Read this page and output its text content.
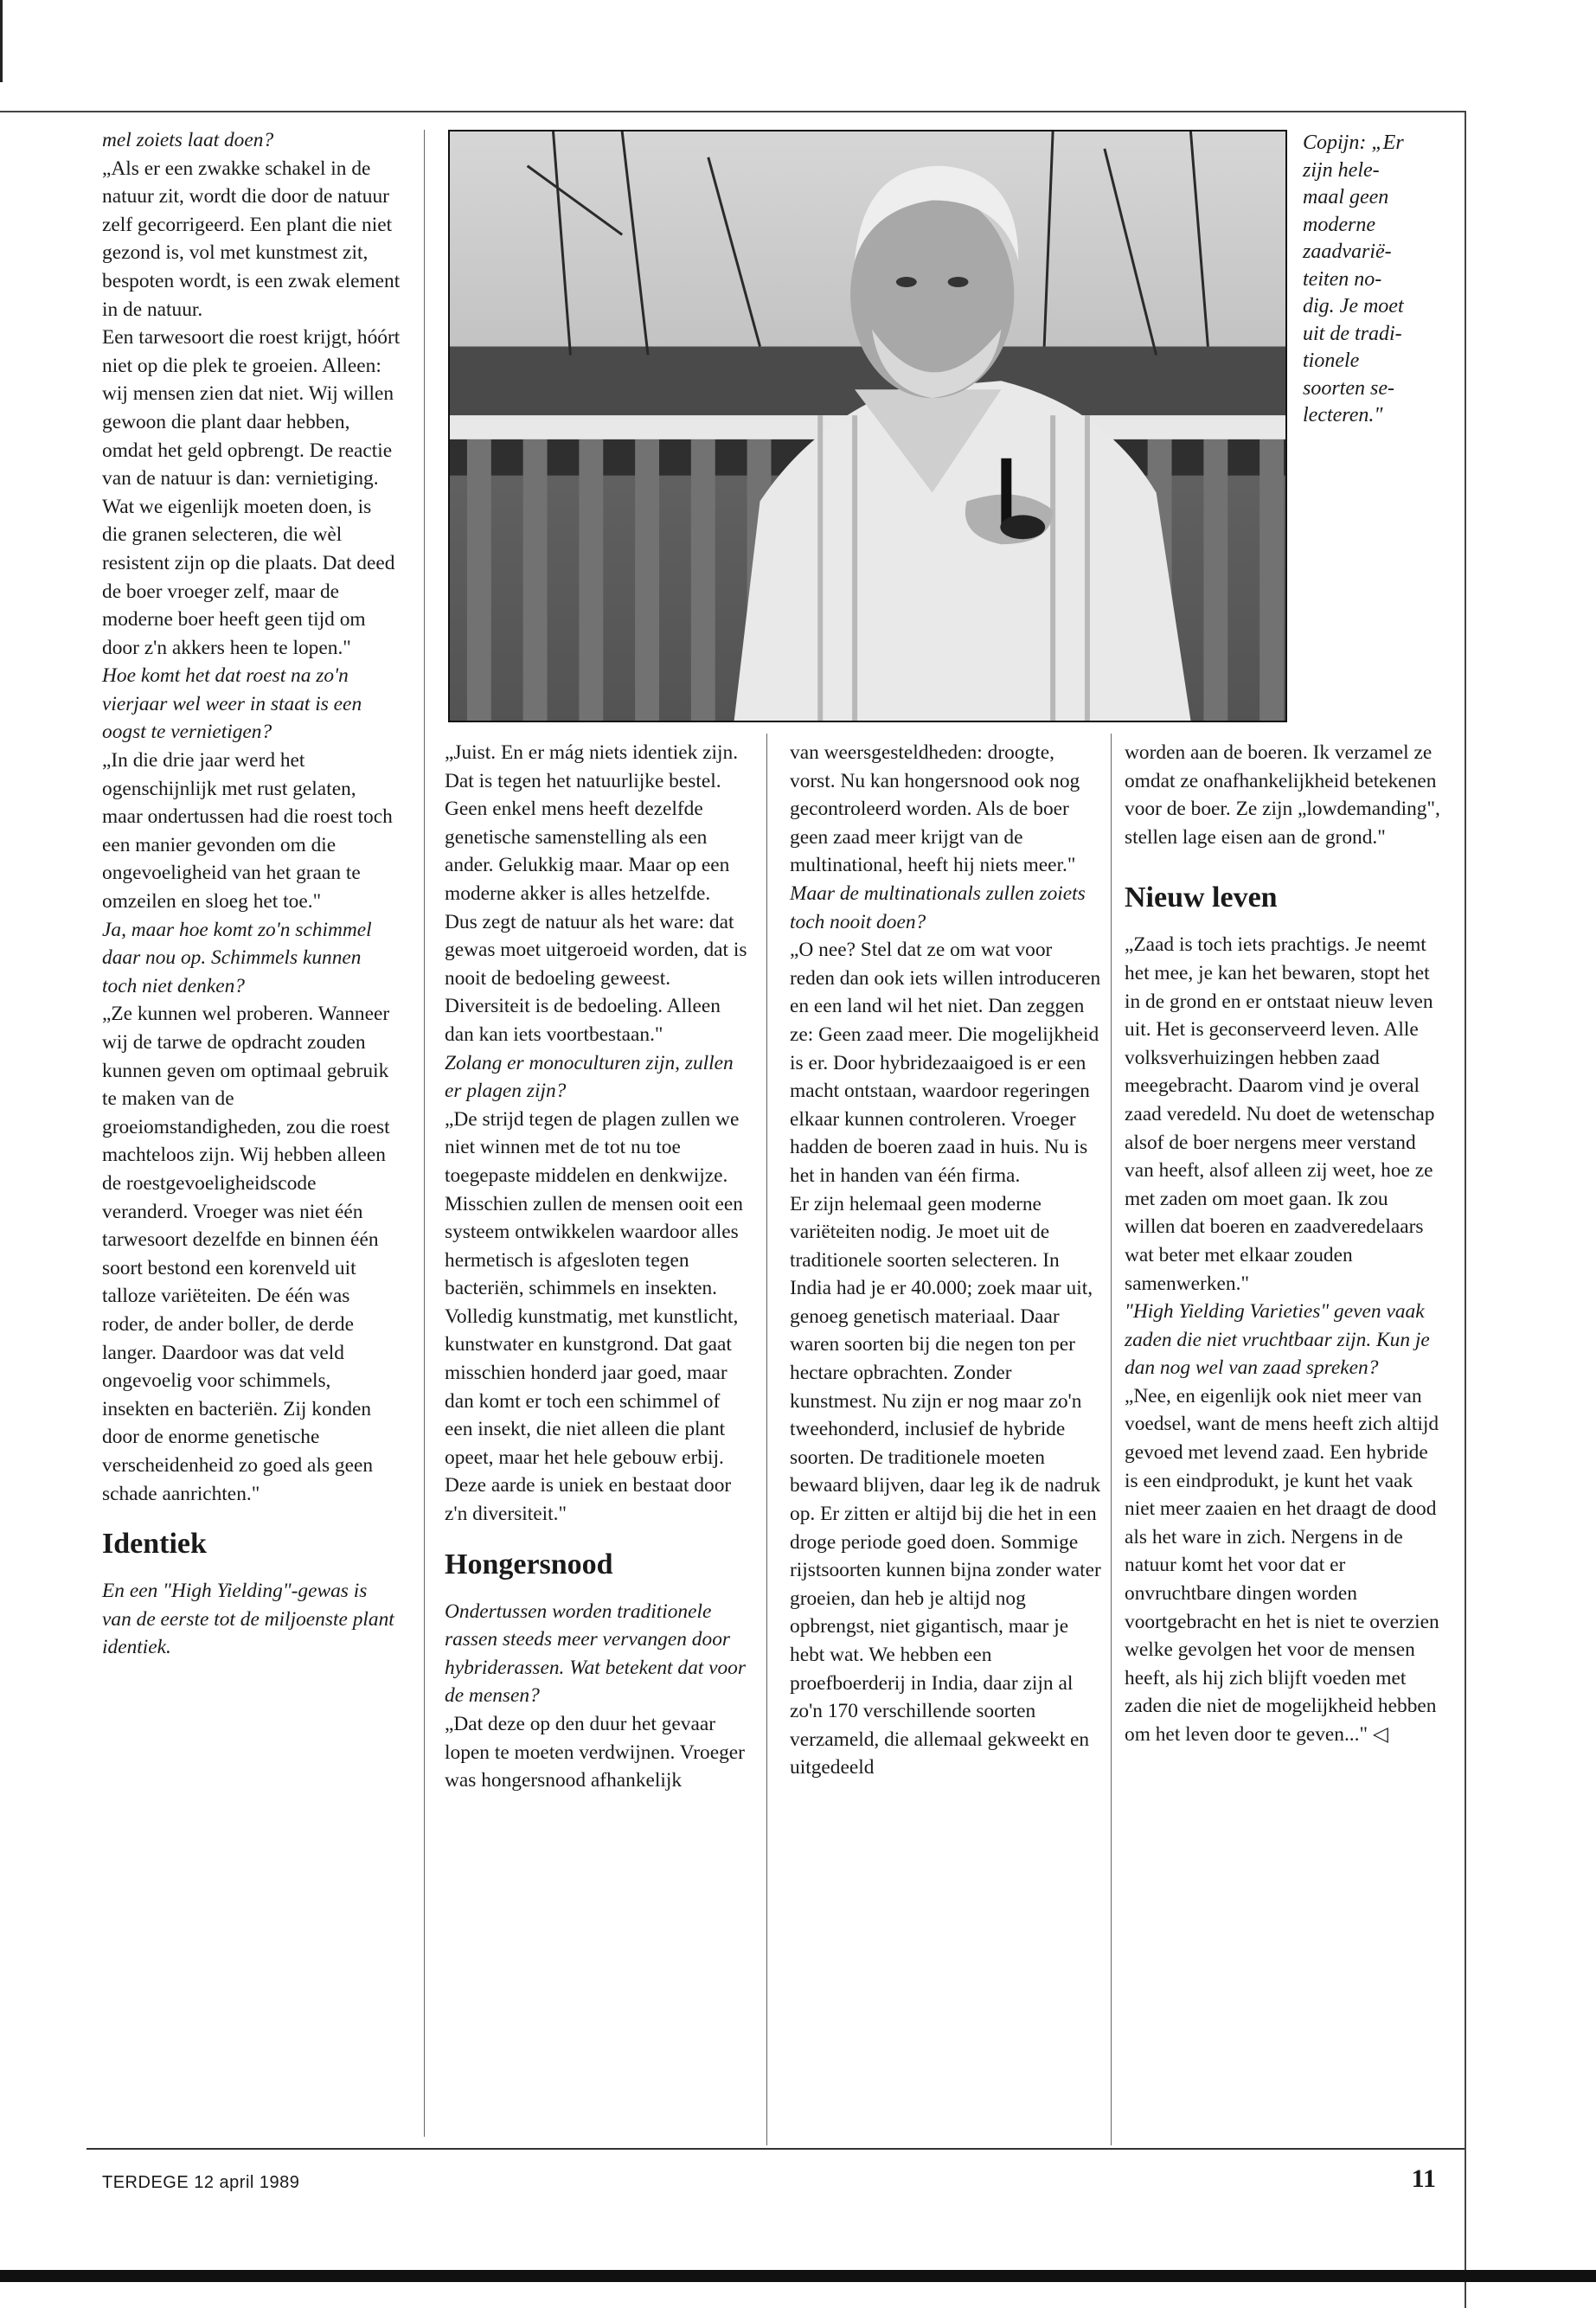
mel zoiets laat doen?

„Als er een zwakke schakel in de natuur zit, wordt die door de natuur zelf gecorrigeerd. Een plant die niet gezond is, vol met kunstmest zit, bespoten wordt, is een zwak element in de natuur.

Een tarwesoort die roest krijgt, hóórt niet op die plek te groeien. Alleen: wij mensen zien dat niet. Wij willen gewoon die plant daar hebben, omdat het geld opbrengt. De reactie van de natuur is dan: vernietiging. Wat we eigenlijk moeten doen, is die granen selecteren, die wèl resistent zijn op die plaats. Dat deed de boer vroeger zelf, maar de moderne boer heeft geen tijd om door z'n akkers heen te lopen."

Hoe komt het dat roest na zo'n vierjaar wel weer in staat is een oogst te vernietigen?

„In die drie jaar werd het ogenschijnlijk met rust gelaten, maar ondertussen had die roest toch een manier gevonden om die ongevoeligheid van het graan te omzeilen en sloeg het toe."

Ja, maar hoe komt zo'n schimmel daar nou op. Schimmels kunnen toch niet denken?

„Ze kunnen wel proberen. Wanneer wij de tarwe de opdracht zouden kunnen geven om optimaal gebruik te maken van de groeiomstandigheden, zou die roest machteloos zijn. Wij hebben alleen de roestgevoeligheidscode veranderd. Vroeger was niet één tarwesoort dezelfde en binnen één soort bestond een korenveld uit talloze variëteiten. De één was roder, de ander boller, de derde langer. Daardoor was dat veld ongevoelig voor schimmels, insekten en bacteriën. Zij konden door de enorme genetische verscheidenheid zo goed als geen schade aanrichten."

Identiek

En een "High Yielding"-gewas is van de eerste tot de miljoenste plant identiek.

Copijn: „Er

zijn hele-

maal geen

moderne

zaadvarië-

teiten no-

dig. Je moet

uit de tradi-

tionele

soorten se-

lecteren."

„Juist. En er mág niets identiek zijn. Dat is tegen het natuurlijke bestel. Geen enkel mens heeft dezelfde genetische samenstelling als een ander. Gelukkig maar. Maar op een moderne akker is alles hetzelfde. Dus zegt de natuur als het ware: dat gewas moet uitgeroeid worden, dat is nooit de bedoeling geweest. Diversiteit is de bedoeling. Alleen dan kan iets voortbestaan."

Zolang er monoculturen zijn, zullen er plagen zijn?

„De strijd tegen de plagen zullen we niet winnen met de tot nu toe toegepaste middelen en denkwijze. Misschien zullen de mensen ooit een systeem ontwikkelen waardoor alles hermetisch is afgesloten tegen bacteriën, schimmels en insekten. Volledig kunstmatig, met kunstlicht, kunstwater en kunstgrond. Dat gaat misschien honderd jaar goed, maar dan komt er toch een schimmel of een insekt, die niet alleen die plant opeet, maar het hele gebouw erbij. Deze aarde is uniek en bestaat door z'n diversiteit."

Hongersnood

Ondertussen worden traditionele rassen steeds meer vervangen door hybriderassen. Wat betekent dat voor de mensen?

„Dat deze op den duur het gevaar lopen te moeten verdwijnen. Vroeger was hongersnood afhankelijk

van weersgesteldheden: droogte, vorst. Nu kan hongersnood ook nog gecontroleerd worden. Als de boer geen zaad meer krijgt van de multinational, heeft hij niets meer."

Maar de multinationals zullen zoiets toch nooit doen?

„O nee? Stel dat ze om wat voor reden dan ook iets willen introduceren en een land wil het niet. Dan zeggen ze: Geen zaad meer. Die mogelijkheid is er. Door hybridezaaigoed is er een macht ontstaan, waardoor regeringen elkaar kunnen controleren. Vroeger hadden de boeren zaad in huis. Nu is het in handen van één firma.

Er zijn helemaal geen moderne variëteiten nodig. Je moet uit de traditionele soorten selecteren. In India had je er 40.000; zoek maar uit, genoeg genetisch materiaal. Daar waren soorten bij die negen ton per hectare opbrachten. Zonder kunstmest. Nu zijn er nog maar zo'n tweehonderd, inclusief de hybride soorten. De traditionele moeten bewaard blijven, daar leg ik de nadruk op. Er zitten er altijd bij die het in een droge periode goed doen. Sommige rijstsoorten kunnen bijna zonder water groeien, dan heb je altijd nog opbrengst, niet gigantisch, maar je hebt wat. We hebben een proefboerderij in India, daar zijn al zo'n 170 verschillende soorten verzameld, die allemaal gekweekt en uitgedeeld

worden aan de boeren. Ik verzamel ze omdat ze onafhankelijkheid betekenen voor de boer. Ze zijn „lowdemanding", stellen lage eisen aan de grond."

Nieuw leven

„Zaad is toch iets prachtigs. Je neemt het mee, je kan het bewaren, stopt het in de grond en er ontstaat nieuw leven uit. Het is geconserveerd leven. Alle volksverhuizingen hebben zaad meegebracht. Daarom vind je overal zaad veredeld. Nu doet de wetenschap alsof de boer nergens meer verstand van heeft, alsof alleen zij weet, hoe ze met zaden om moet gaan. Ik zou willen dat boeren en zaadveredelaars wat beter met elkaar zouden samenwerken."

"High Yielding Varieties" geven vaak zaden die niet vruchtbaar zijn. Kun je dan nog wel van zaad spreken?

„Nee, en eigenlijk ook niet meer van voedsel, want de mens heeft zich altijd gevoed met levend zaad. Een hybride is een eindprodukt, je kunt het vaak niet meer zaaien en het draagt de dood als het ware in zich. Nergens in de natuur komt het voor dat er onvruchtbare dingen worden voortgebracht en het is niet te overzien welke gevolgen het voor de mensen heeft, als hij zich blijft voeden met zaden die niet de mogelijkheid hebben om het leven door te geven..." ◁

TERDEGE 12 april 1989	11
